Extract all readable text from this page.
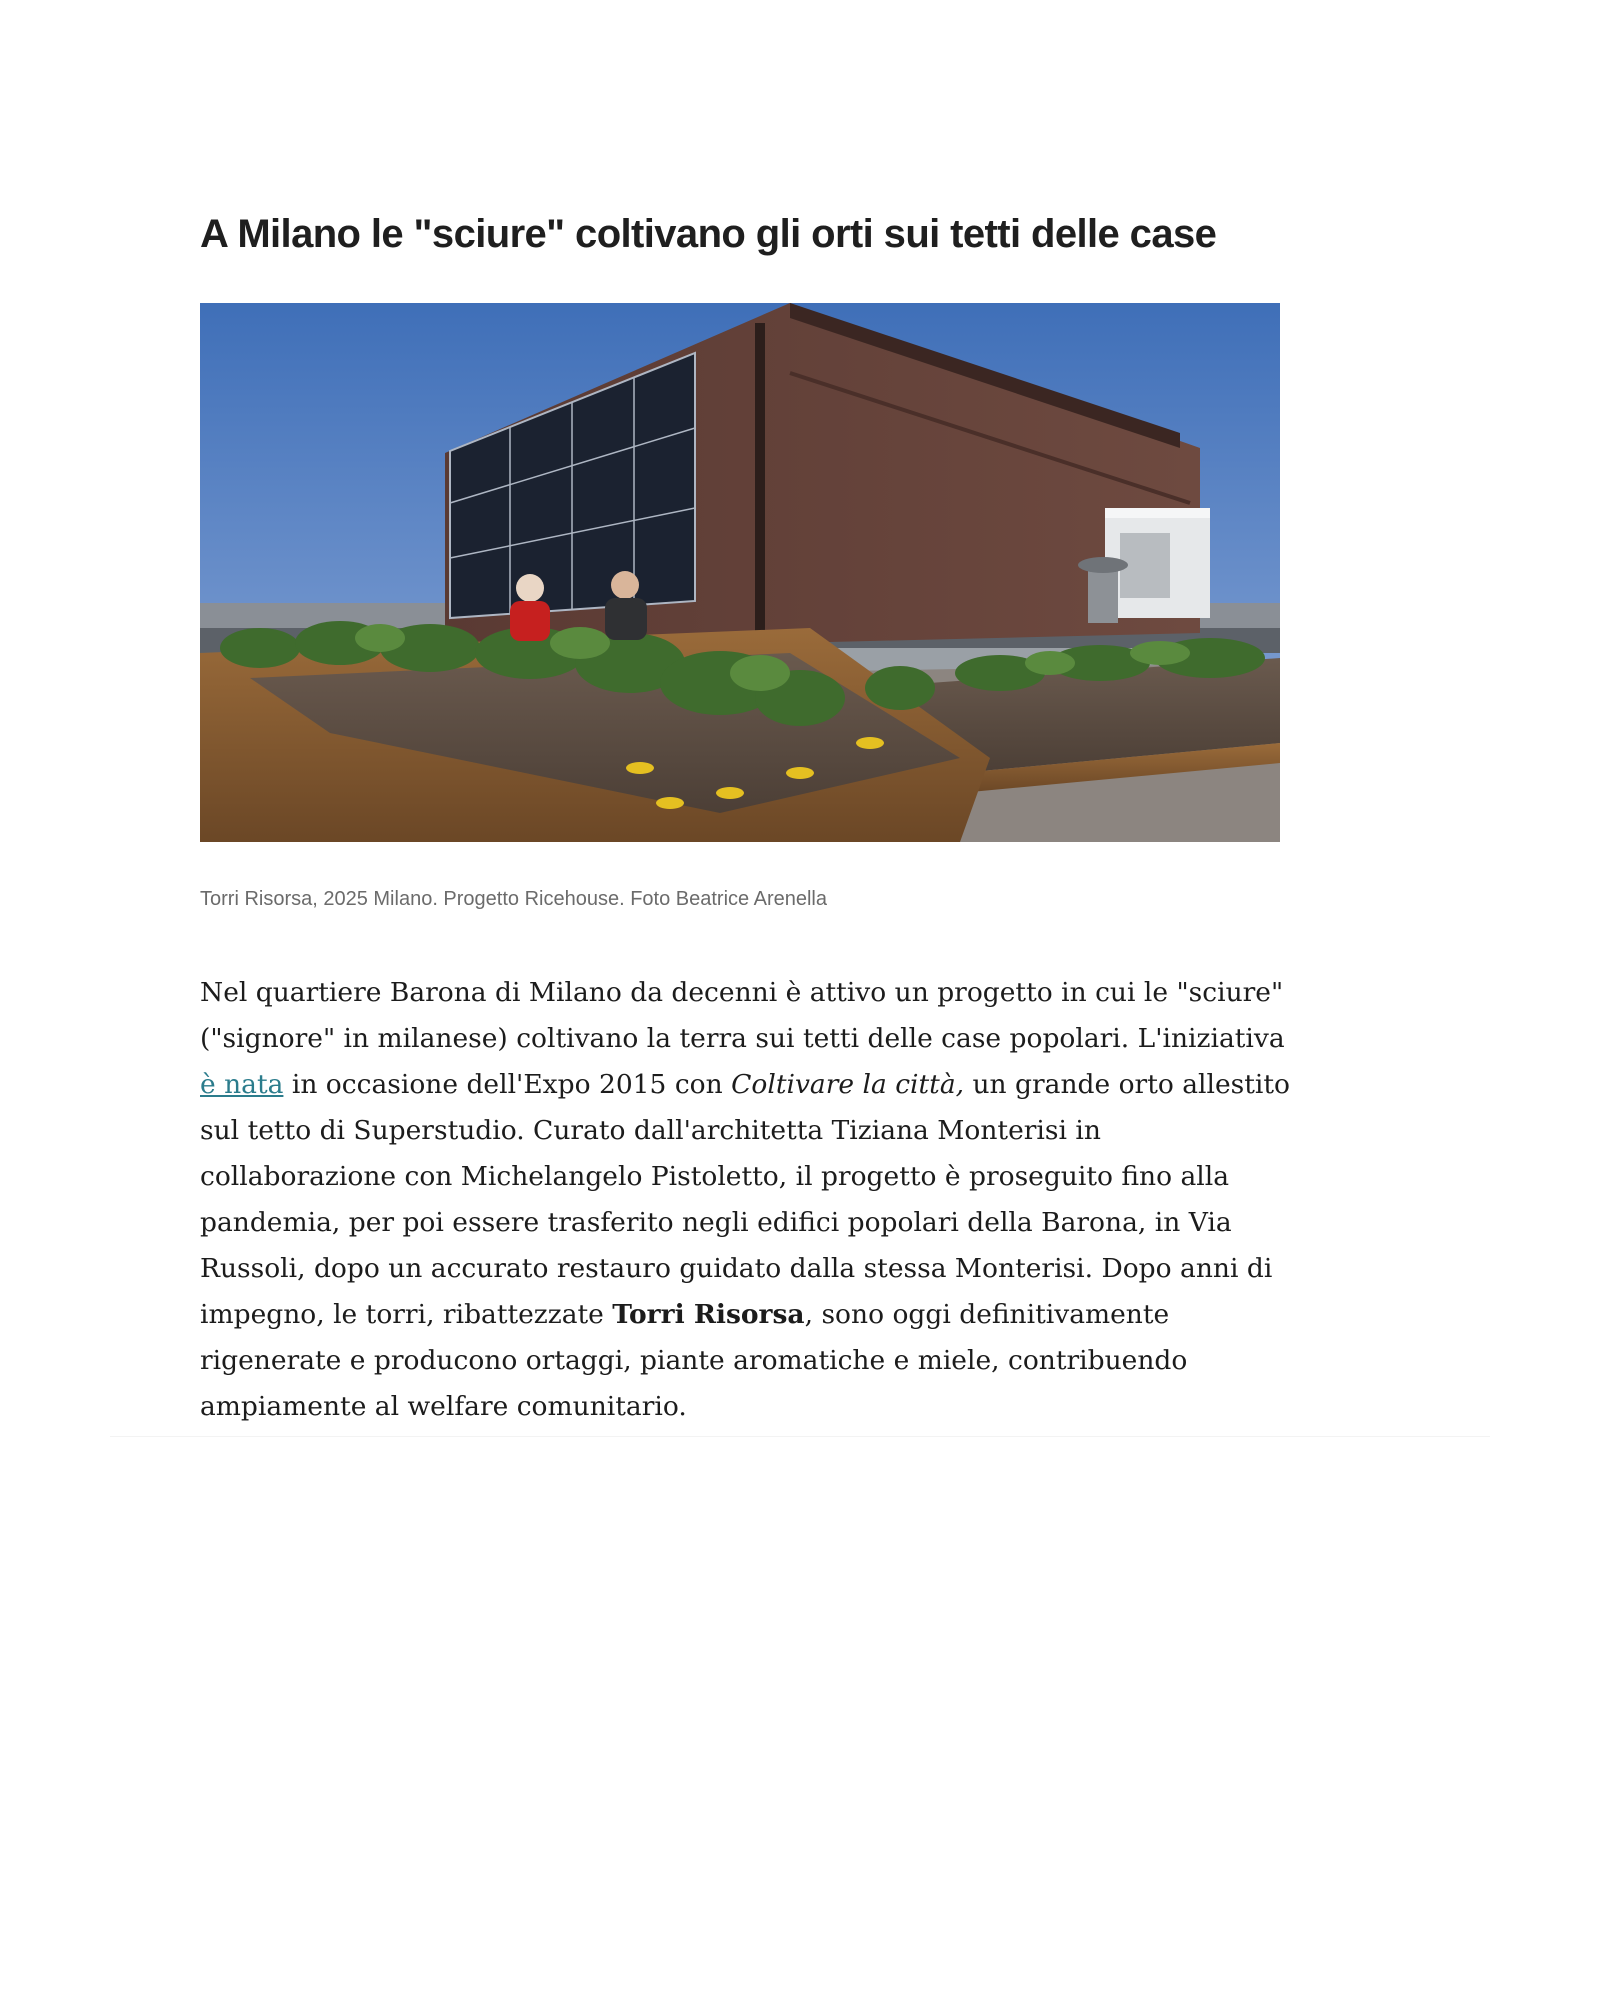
A Milano le "sciure" coltivano gli orti sui tetti delle case
Torri Risorsa, 2025 Milano. Progetto Ricehouse. Foto Beatrice Arenella

Nel quartiere Barona di Milano da decenni è attivo un progetto in cui le "sciure" ("signore" in milanese) coltivano la terra sui tetti delle case popolari. L'iniziativa è nata in occasione dell'Expo 2015 con Coltivare la città, un grande orto allestito sul tetto di Superstudio. Curato dall'architetta Tiziana Monterisi in collaborazione con Michelangelo Pistoletto, il progetto è proseguito fino alla pandemia, per poi essere trasferito negli edifici popolari della Barona, in Via Russoli, dopo un accurato restauro guidato dalla stessa Monterisi. Dopo anni di impegno, le torri, ribattezzate Torri Risorsa, sono oggi definitivamente rigenerate e producono ortaggi, piante aromatiche e miele, contribuendo ampiamente al welfare comunitario.
